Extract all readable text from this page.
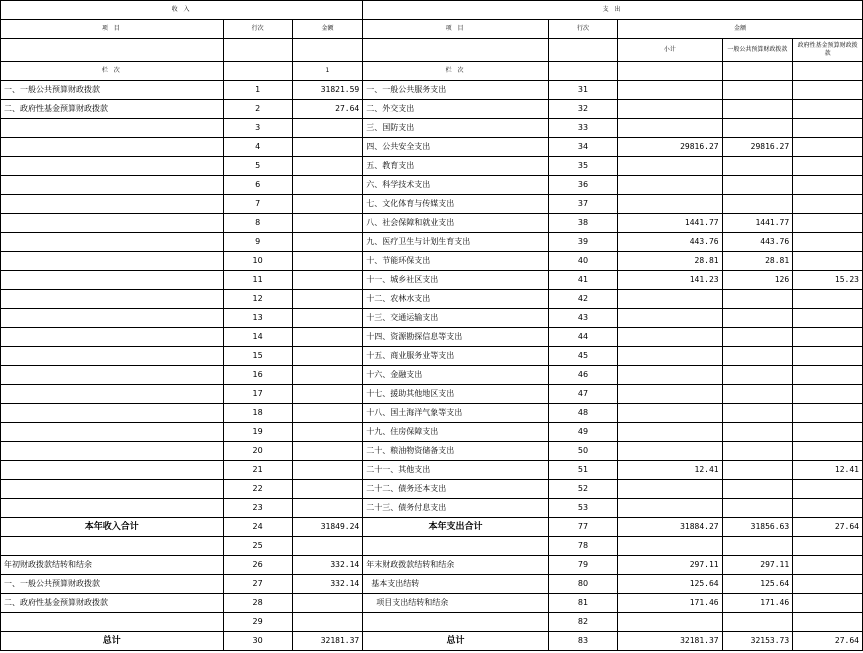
收 入			支 出				
项 目	行次	金额	项 目	行次	金额		
					小计	一般公共预算财政拨款	政府性基金预算财政拨款
栏 次		1	栏 次				
一、一般公共预算财政拨款	1	31821.59	一、一般公共服务支出	31			
二、政府性基金预算财政拨款	2	27.64	二、外交支出	32			
	3		三、国防支出	33			
	4		四、公共安全支出	34	29816.27	29816.27	
	5		五、教育支出	35			
	6		六、科学技术支出	36			
	7		七、文化体育与传媒支出	37			
	8		八、社会保障和就业支出	38	1441.77	1441.77	
	9		九、医疗卫生与计划生育支出	39	443.76	443.76	
	10		十、节能环保支出	40	28.81	28.81	
	11		十一、城乡社区支出	41	141.23	126	15.23
	12		十二、农林水支出	42			
	13		十三、交通运输支出	43			
	14		十四、资源勘探信息等支出	44			
	15		十五、商业服务业等支出	45			
	16		十六、金融支出	46			
	17		十七、援助其他地区支出	47			
	18		十八、国土海洋气象等支出	48			
	19		十九、住房保障支出	49			
	20		二十、粮油物资储备支出	50			
	21		二十一、其他支出	51	12.41		12.41
	22		二十二、债务还本支出	52			
	23		二十三、债务付息支出	53			
本年收入合计	24	31849.24	本年支出合计	77	31884.27	31856.63	27.64
	25			78			
年初财政拨款结转和结余	26	332.14	年末财政拨款结转和结余	79	297.11	297.11	
一、一般公共预算财政拨款	27	332.14	基本支出结转	80	125.64	125.64	
二、政府性基金预算财政拨款	28		项目支出结转和结余	81	171.46	171.46	
	29			82			
总计	30	32181.37	总计	83	32181.37	32153.73	27.64
